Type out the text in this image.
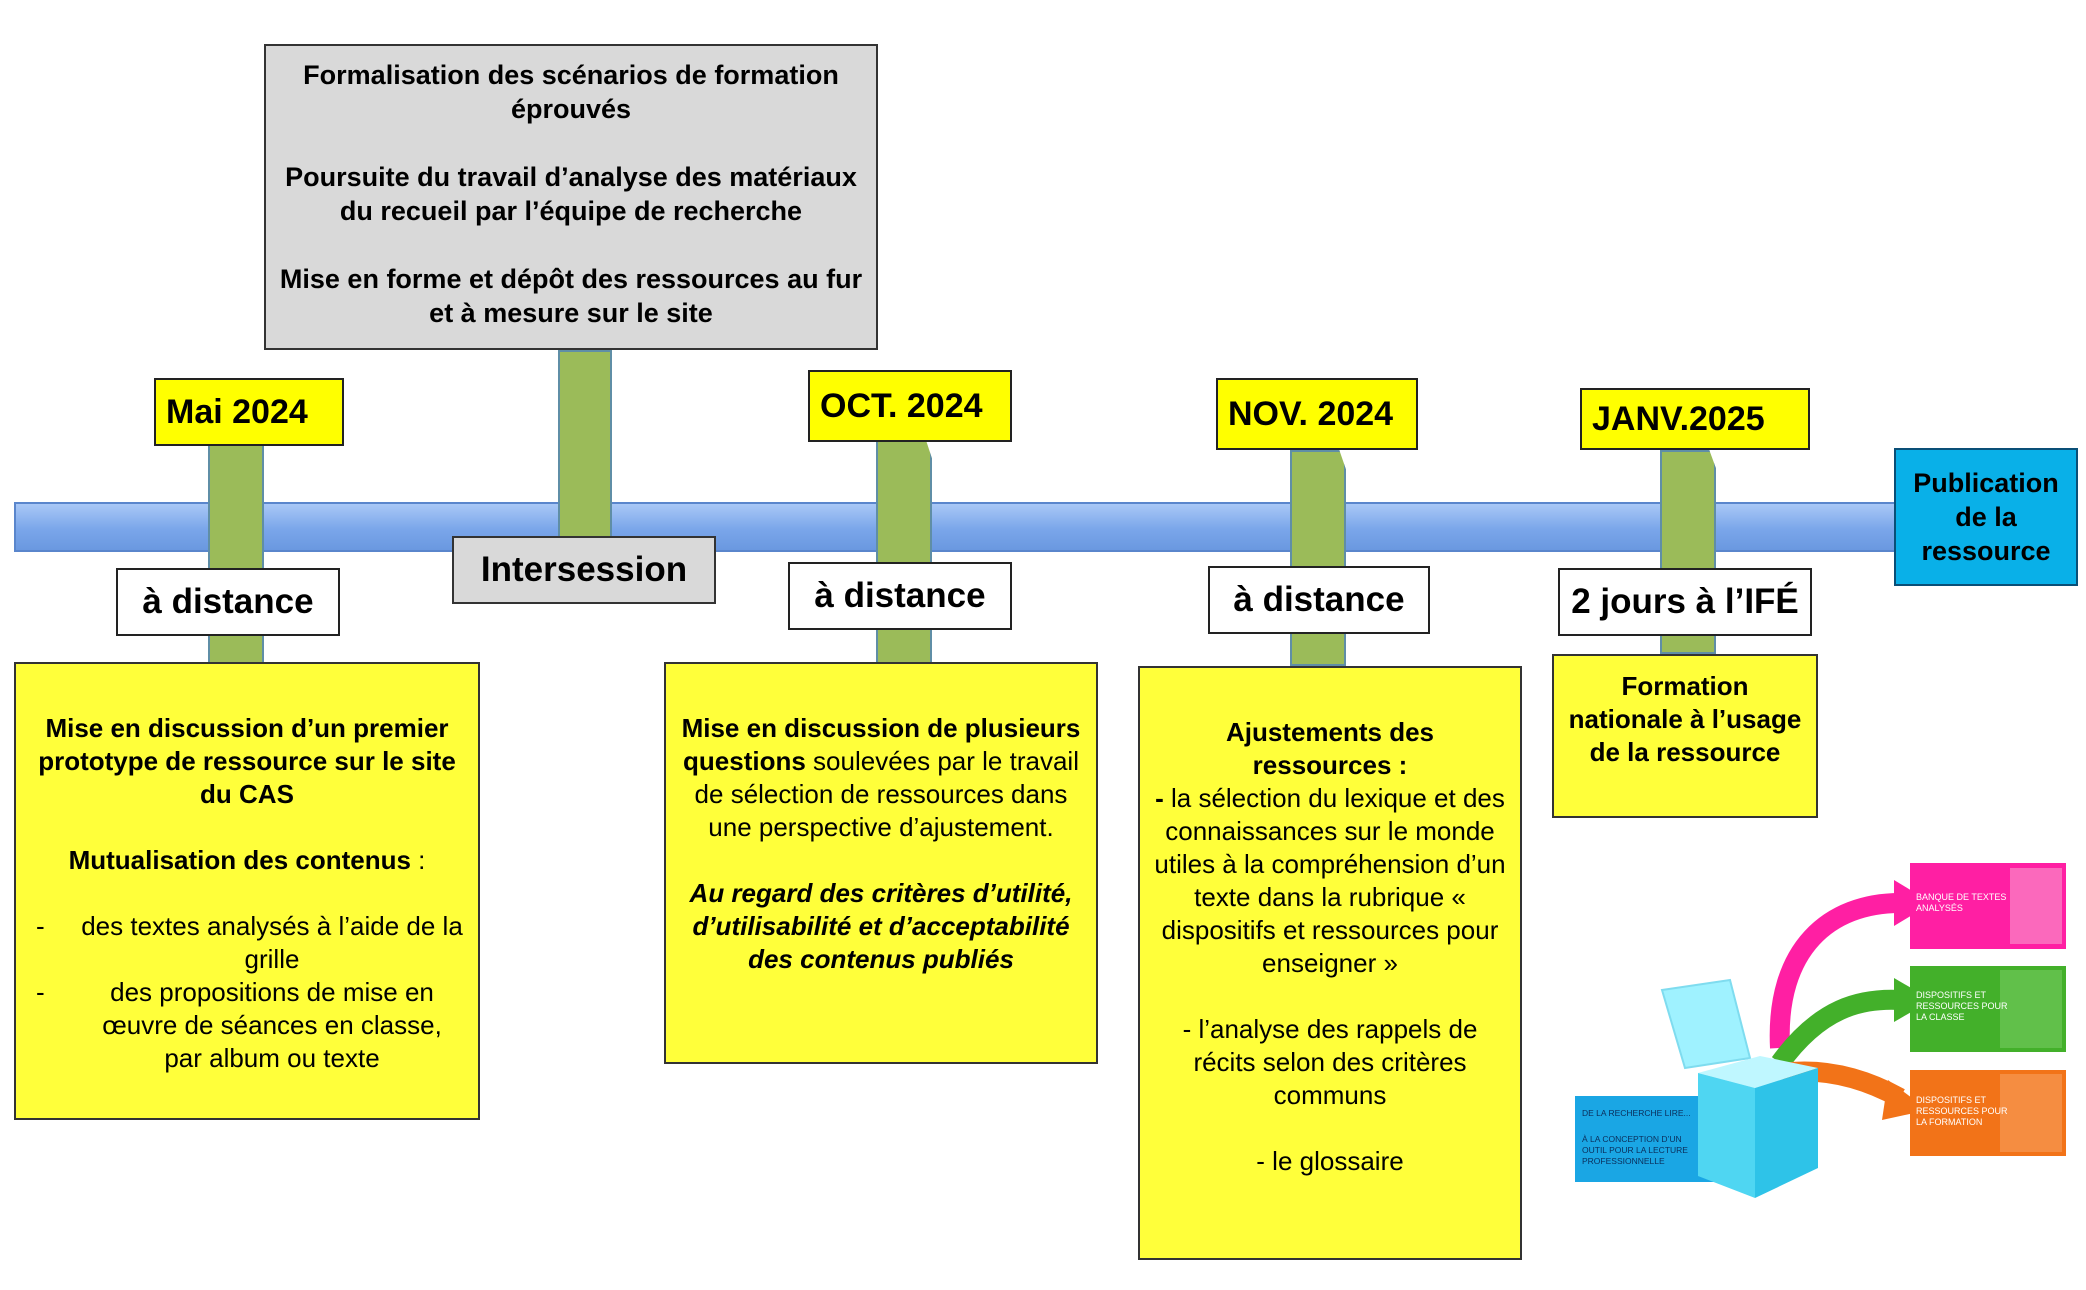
Formalisation des scénarios de formation éprouvés

Poursuite du travail d’analyse des matériaux du recueil par l’équipe de recherche

Mise en forme et dépôt des ressources au fur et à mesure sur le site

Mai 2024	OCT. 2024	NOV. 2024	JANV.2025
à distance
Intersession
à distance	à distance	2 jours à l’IFÉ
Publication de la ressource

Mise en discussion d’un premier prototype de ressource sur le site du CAS

Mutualisation des contenus :

-	des textes analysés à l’aide de la grille
-	des propositions de mise en œuvre de séances en classe, par album ou texte

Mise en discussion de plusieurs questions soulevées par le travail de sélection de ressources dans une perspective d’ajustement.

Au regard des critères d’utilité, d’utilisabilité et d’acceptabilité des contenus publiés

Ajustements des ressources :

- la sélection du lexique et des connaissances sur le monde utiles à la compréhension d’un texte dans la rubrique « dispositifs et ressources pour enseigner »

- l’analyse des rappels de récits selon des critères communs

- le glossaire

Formation nationale à l’usage de la ressource

BANQUE DE TEXTES
ANALYSÉS
DISPOSITIFS ET
RESSOURCES POUR
LA CLASSE
DISPOSITIFS ET
RESSOURCES POUR
LA FORMATION
DE LA RECHERCHE LIRE...
À LA CONCEPTION D’UN
OUTIL POUR LA LECTURE
PROFESSIONNELLE
